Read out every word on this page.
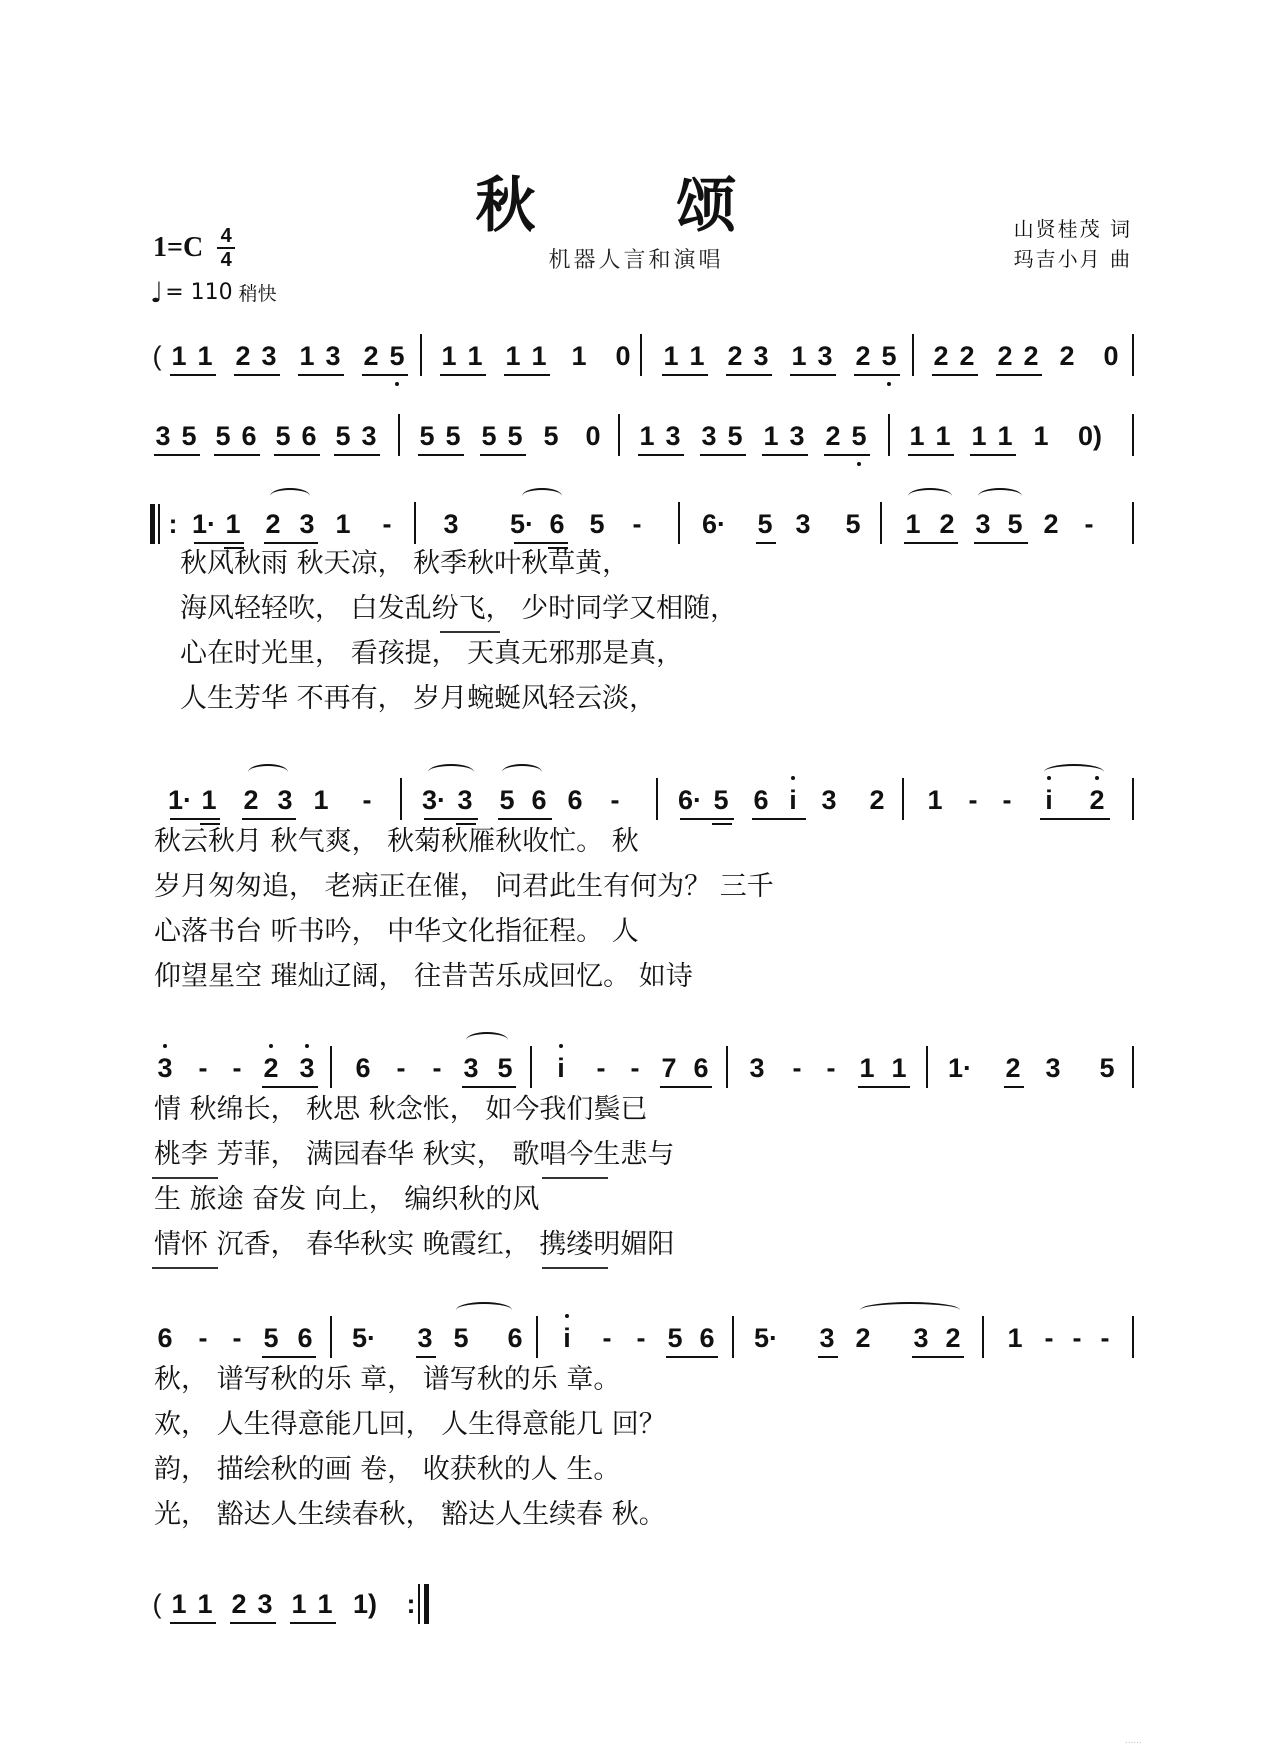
秋 颂
机器人言和演唱
$1=C \frac{4}{4}$
♩ = 110 稍快
山贤桂茂 词
玛吉小月 曲
( 1 1 2 3 1 3 2 5 1 1 1 1 1 0 1 1 2 3 1 3 2 5 2 2 2 2 2 0
3 5 5 6 5 6 5 3 5 5 5 5 5 0 1 3 3 5 1 3 2 5 1 1 1 1 1 0)
: 1· 1 2 3 1 - 3 5· 6 5 - 6· 5 3 5 1 2 3 5 2 -
秋风秋雨 秋天凉， 秋季秋叶秋草黄，
海风轻轻吹， 白发乱纷飞， 少时同学又相随，
心在时光里， 看孩提， 天真无邪那是真，
人生芳华 不再有， 岁月蜿蜒风轻云淡，
1· 1 2 3 1 - 3· 3 5 6 6 - 6· 5 6 i 3 2 1 - - i 2
秋云秋月 秋气爽， 秋菊秋雁秋收忙。 秋
岁月匆匆追， 老病正在催， 问君此生有何为？ 三千
心落书台 听书吟， 中华文化指征程。 人
仰望星空 璀灿辽阔， 往昔苦乐成回忆。 如诗
3 - - 2 3 6 - - 3 5 i - - 7 6 3 - - 1 1 1· 2 3 5
情 秋绵长， 秋思 秋念怅， 如今我们鬓已
桃李 芳菲， 满园春华 秋实， 歌唱今生悲与
生 旅途 奋发 向上， 编织秋的风
情怀 沉香， 春华秋实 晚霞红， 携缕明媚阳
6 - - 5 6 5· 3 5 6 i - - 5 6 5· 3 2 3 2 1 - - -
秋， 谱写秋的乐 章， 谱写秋的乐 章。
欢， 人生得意能几回， 人生得意能几 回？
韵， 描绘秋的画 卷， 收获秋的人 生。
光， 豁达人生续春秋， 豁达人生续春 秋。
( 1 1 2 3 1 1 1) :
......
